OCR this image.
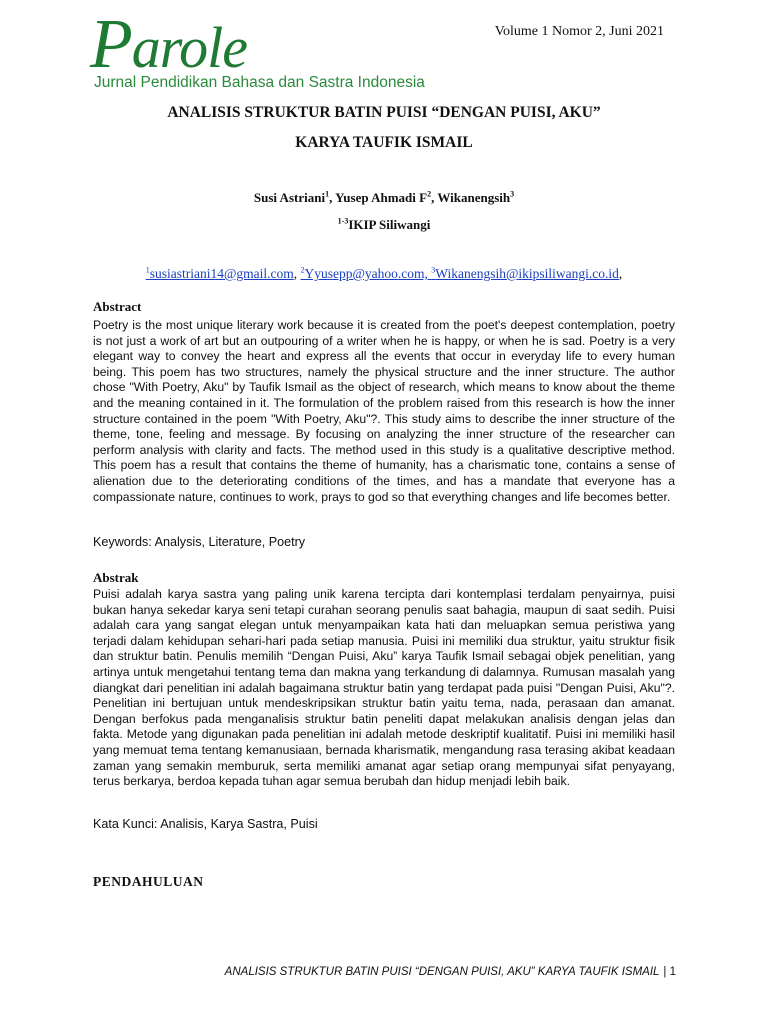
Parole
Jurnal Pendidikan Bahasa dan Sastra Indonesia
Volume 1 Nomor 2, Juni 2021
ANALISIS STRUKTUR BATIN PUISI “DENGAN PUISI, AKU”
KARYA TAUFIK ISMAIL
Susi Astriani$^1$, Yusep Ahmadi $F^2$, Wikanengsih$^3$
$^{1-3}$IKIP Siliwangi
$^1$susiastriani14@gmail.com, $^2$Yyusepp@yahoo.com, $^3$Wikanengsih@ikipsiliwangi.co.id,
Abstract
Poetry is the most unique literary work because it is created from the poet's deepest contemplation, poetry is not just a work of art but an outpouring of a writer when he is happy, or when he is sad. Poetry is a very elegant way to convey the heart and express all the events that occur in everyday life to every human being. This poem has two structures, namely the physical structure and the inner structure. The author chose "With Poetry, Aku" by Taufik Ismail as the object of research, which means to know about the theme and the meaning contained in it. The formulation of the problem raised from this research is how the inner structure contained in the poem "With Poetry, Aku"?. This study aims to describe the inner structure of the theme, tone, feeling and message. By focusing on analyzing the inner structure of the researcher can perform analysis with clarity and facts. The method used in this study is a qualitative descriptive method. This poem has a result that contains the theme of humanity, has a charismatic tone, contains a sense of alienation due to the deteriorating conditions of the times, and has a mandate that everyone has a compassionate nature, continues to work, prays to god so that everything changes and life becomes better.
Keywords: Analysis, Literature, Poetry
Abstrak
Puisi adalah karya sastra yang paling unik karena tercipta dari kontemplasi terdalam penyairnya, puisi bukan hanya sekedar karya seni tetapi curahan seorang penulis saat bahagia, maupun di saat sedih. Puisi adalah cara yang sangat elegan untuk menyampaikan kata hati dan meluapkan semua peristiwa yang terjadi dalam kehidupan sehari-hari pada setiap manusia. Puisi ini memiliki dua struktur, yaitu struktur fisik dan struktur batin. Penulis memilih “Dengan Puisi, Aku” karya Taufik Ismail sebagai objek penelitian, yang artinya untuk mengetahui tentang tema dan makna yang terkandung di dalamnya. Rumusan masalah yang diangkat dari penelitian ini adalah bagaimana struktur batin yang terdapat pada puisi "Dengan Puisi, Aku"?. Penelitian ini bertujuan untuk mendeskripsikan struktur batin yaitu tema, nada, perasaan dan amanat. Dengan berfokus pada menganalisis struktur batin peneliti dapat melakukan analisis dengan jelas dan fakta. Metode yang digunakan pada penelitian ini adalah metode deskriptif kualitatif. Puisi ini memiliki hasil yang memuat tema tentang kemanusiaan, bernada kharismatik, mengandung rasa terasing akibat keadaan zaman yang semakin memburuk, serta memiliki amanat agar setiap orang mempunyai sifat penyayang, terus berkarya, berdoa kepada tuhan agar semua berubah dan hidup menjadi lebih baik.
Kata Kunci: Analisis, Karya Sastra, Puisi
PENDAHULUAN
ANALISIS STRUKTUR BATIN PUISI “DENGAN PUISI, AKU” KARYA TAUFIK ISMAIL | 1
